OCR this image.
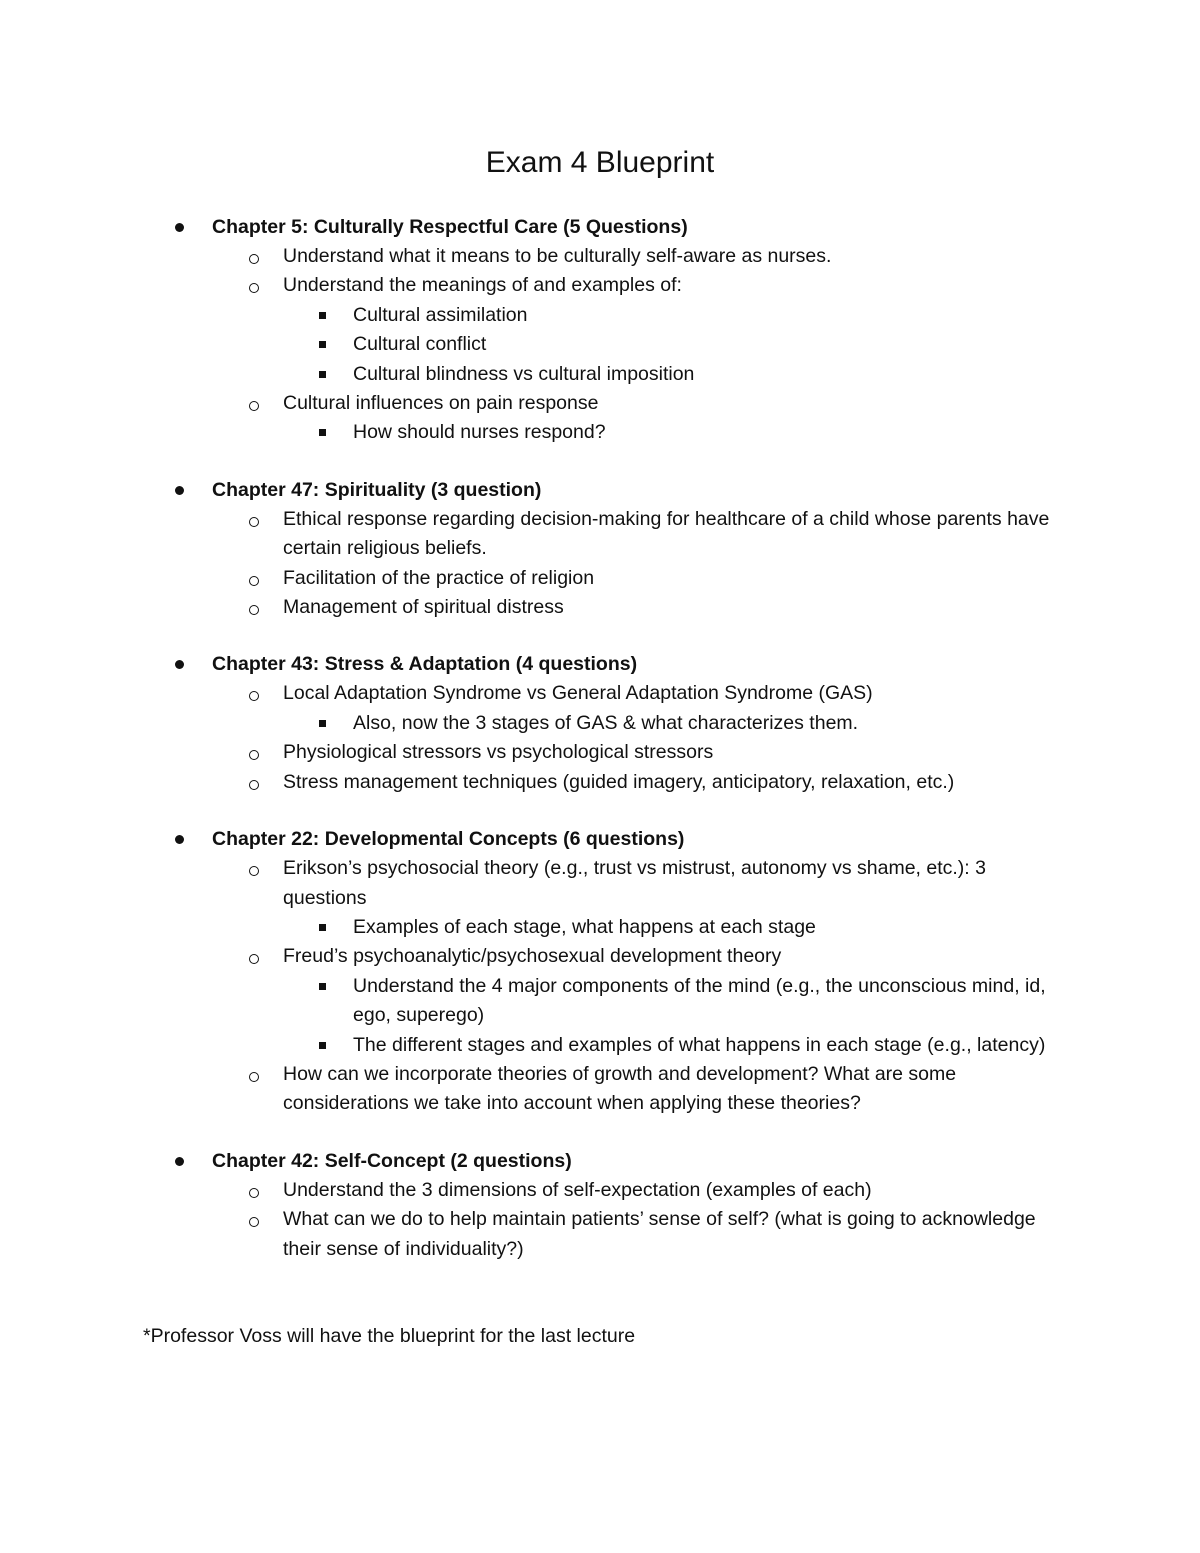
Exam 4 Blueprint
Chapter 5: Culturally Respectful Care (5 Questions)
Understand what it means to be culturally self-aware as nurses.
Understand the meanings of and examples of:
Cultural assimilation
Cultural conflict
Cultural blindness vs cultural imposition
Cultural influences on pain response
How should nurses respond?
Chapter 47: Spirituality (3 question)
Ethical response regarding decision-making for healthcare of a child whose parents have certain religious beliefs.
Facilitation of the practice of religion
Management of spiritual distress
Chapter 43: Stress & Adaptation (4 questions)
Local Adaptation Syndrome vs General Adaptation Syndrome (GAS)
Also, now the 3 stages of GAS & what characterizes them.
Physiological stressors vs psychological stressors
Stress management techniques (guided imagery, anticipatory, relaxation, etc.)
Chapter 22: Developmental Concepts (6 questions)
Erikson’s psychosocial theory (e.g., trust vs mistrust, autonomy vs shame, etc.): 3 questions
Examples of each stage, what happens at each stage
Freud’s psychoanalytic/psychosexual development theory
Understand the 4 major components of the mind (e.g., the unconscious mind, id, ego, superego)
The different stages and examples of what happens in each stage (e.g., latency)
How can we incorporate theories of growth and development? What are some considerations we take into account when applying these theories?
Chapter 42: Self-Concept (2 questions)
Understand the 3 dimensions of self-expectation (examples of each)
What can we do to help maintain patients’ sense of self? (what is going to acknowledge their sense of individuality?)
*Professor Voss will have the blueprint for the last lecture
